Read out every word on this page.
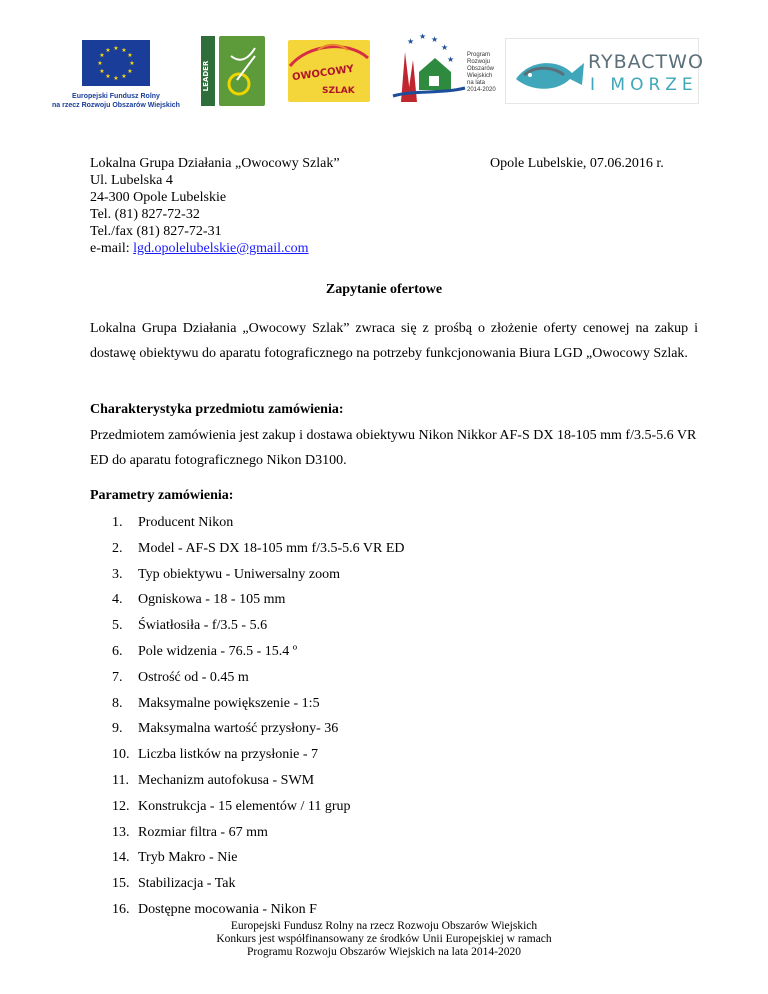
★ ★
★
★
★
★
★
★
★
★
★
★
Europejski Fundusz Rolny
na rzecz Rozwoju Obszarów Wiejskich
LEADER	OWOCOWY
SZLAK
★
★ ★
★
★ Program
Rozwoju
Obszarów
Wiejskich
na lata 2014-2020
RYBACTWO
I MORZE
Lokalna Grupa Działania „Owocowy Szlak”
Ul. Lubelska 4
24-300 Opole Lubelskie
Tel. (81) 827-72-32
Tel./fax (81) 827-72-31
e-mail: lgd.opolelubelskie@gmail.com
Opole Lubelskie, 07.06.2016 r.
Zapytanie ofertowe
Lokalna Grupa Działania „Owocowy Szlak” zwraca się z prośbą o złożenie oferty cenowej na zakup i dostawę obiektywu do aparatu fotograficznego na potrzeby funkcjonowania Biura LGD „Owocowy Szlak.
Charakterystyka przedmiotu zamówienia:
Przedmiotem zamówienia jest zakup i dostawa obiektywu Nikon Nikkor AF-S DX 18-105 mm f/3.5-5.6 VR ED do aparatu fotograficznego Nikon D3100.
Parametry zamówienia:
1.	Producent Nikon
2.	Model - AF-S DX 18-105 mm f/3.5-5.6 VR ED
3.	Typ obiektywu - Uniwersalny zoom
4.	Ogniskowa - 18 - 105 mm
5.	Światłosiła - f/3.5 - 5.6
6.	Pole widzenia - 76.5 - 15.4 º
7.	Ostrość od - 0.45 m
8.	Maksymalne powiększenie - 1:5
9.	Maksymalna wartość przysłony- 36
10. Liczba listków na przysłonie - 7
11. Mechanizm autofokusa - SWM
12. Konstrukcja - 15 elementów / 11 grup
13. Rozmiar filtra - 67 mm
14. Tryb Makro - Nie
15. Stabilizacja - Tak
16. Dostępne mocowania - Nikon F
Europejski Fundusz Rolny na rzecz Rozwoju Obszarów Wiejskich
Konkurs jest współfinansowany ze środków Unii Europejskiej w ramach
Programu Rozwoju Obszarów Wiejskich na lata 2014-2020
